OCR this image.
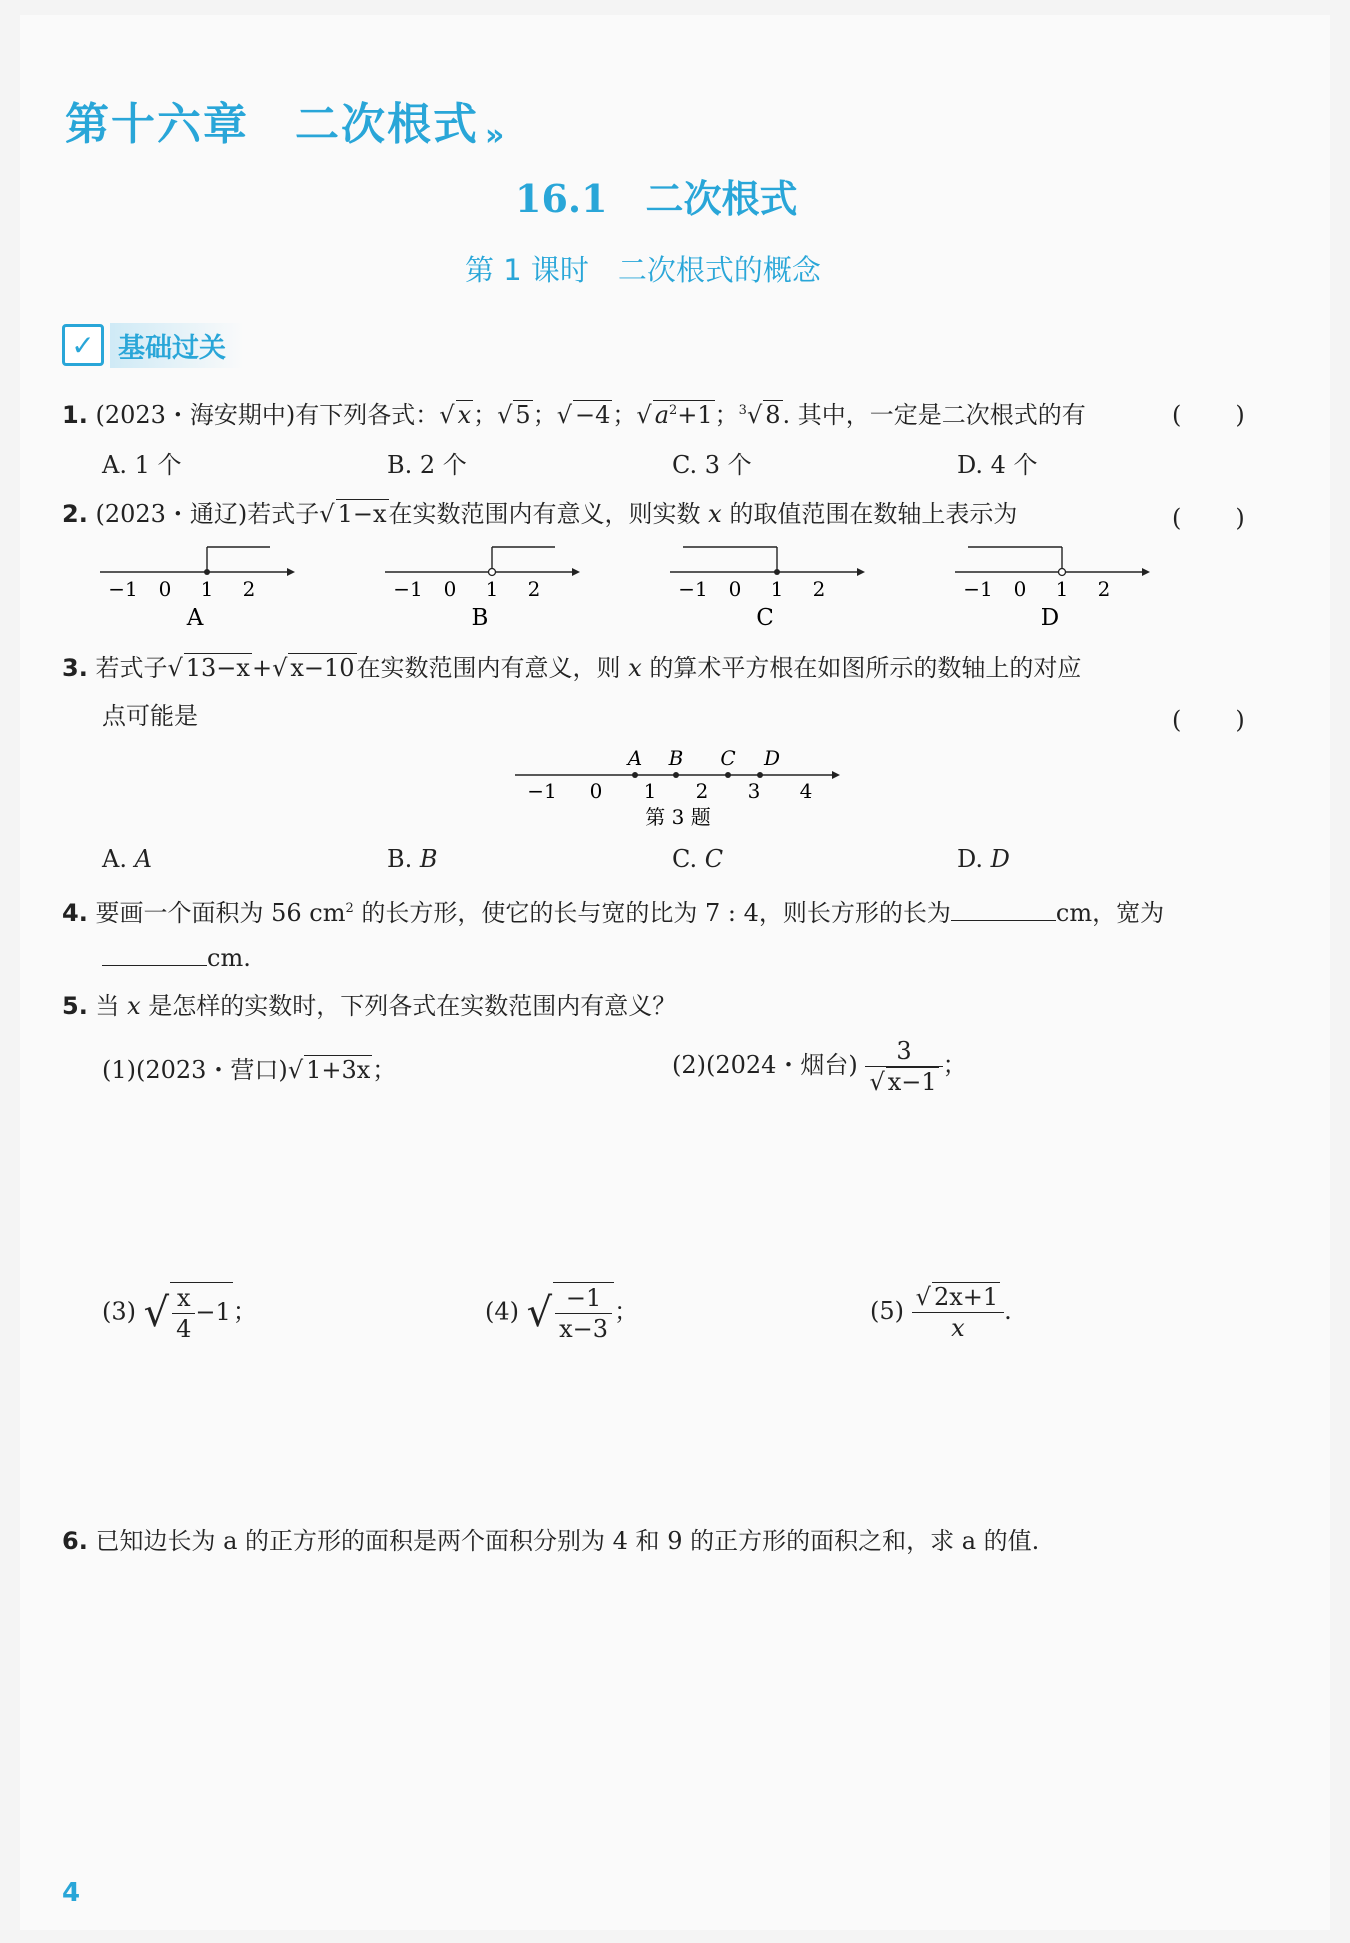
第十六章　二次根式 »
16.1　二次根式
第 1 课时　二次根式的概念
✓ 基础过关
1. (2023・海安期中)有下列各式：√ x；√ 5；√ −4；√ $a^2+1$；$^3$√ 8. 其中，一定是二次根式的有	(　　)
A. 1 个	B. 2 个	C. 3 个	D. 4 个
2. (2023・通辽)若式子√ 1−x在实数范围内有意义，则实数 x 的取值范围在数轴上表示为	(　　)
−1 0 1 2
A
−1 0 1 2
B
−1 0 1 2
C
−1 0 1 2
D
3. 若式子√ 13−x+√ x−10在实数范围内有意义，则 x 的算术平方根在如图所示的数轴上的对应
点可能是	(　　)
A B C D
−1 0 1 2 3 4
第 3 题
A. A	B. B	C. C	D. D
4. 要画一个面积为 56 $cm^2$ 的长方形，使它的长与宽的比为 7 : 4，则长方形的长为	cm，宽为
cm.
5. 当 x 是怎样的实数时，下列各式在实数范围内有意义？
(1)(2023・营口)√ 1+3x；	(2)(2024・烟台) $\frac{3}{√ x-1}$ ；
(3) √ $\frac{x}{4} -1$；	(4) √ $\frac{-1}{x-3}$ ；	$(5) \frac{√ 2x+1}{x}$ .
6. 已知边长为 a 的正方形的面积是两个面积分别为 4 和 9 的正方形的面积之和，求 a 的值.
4
